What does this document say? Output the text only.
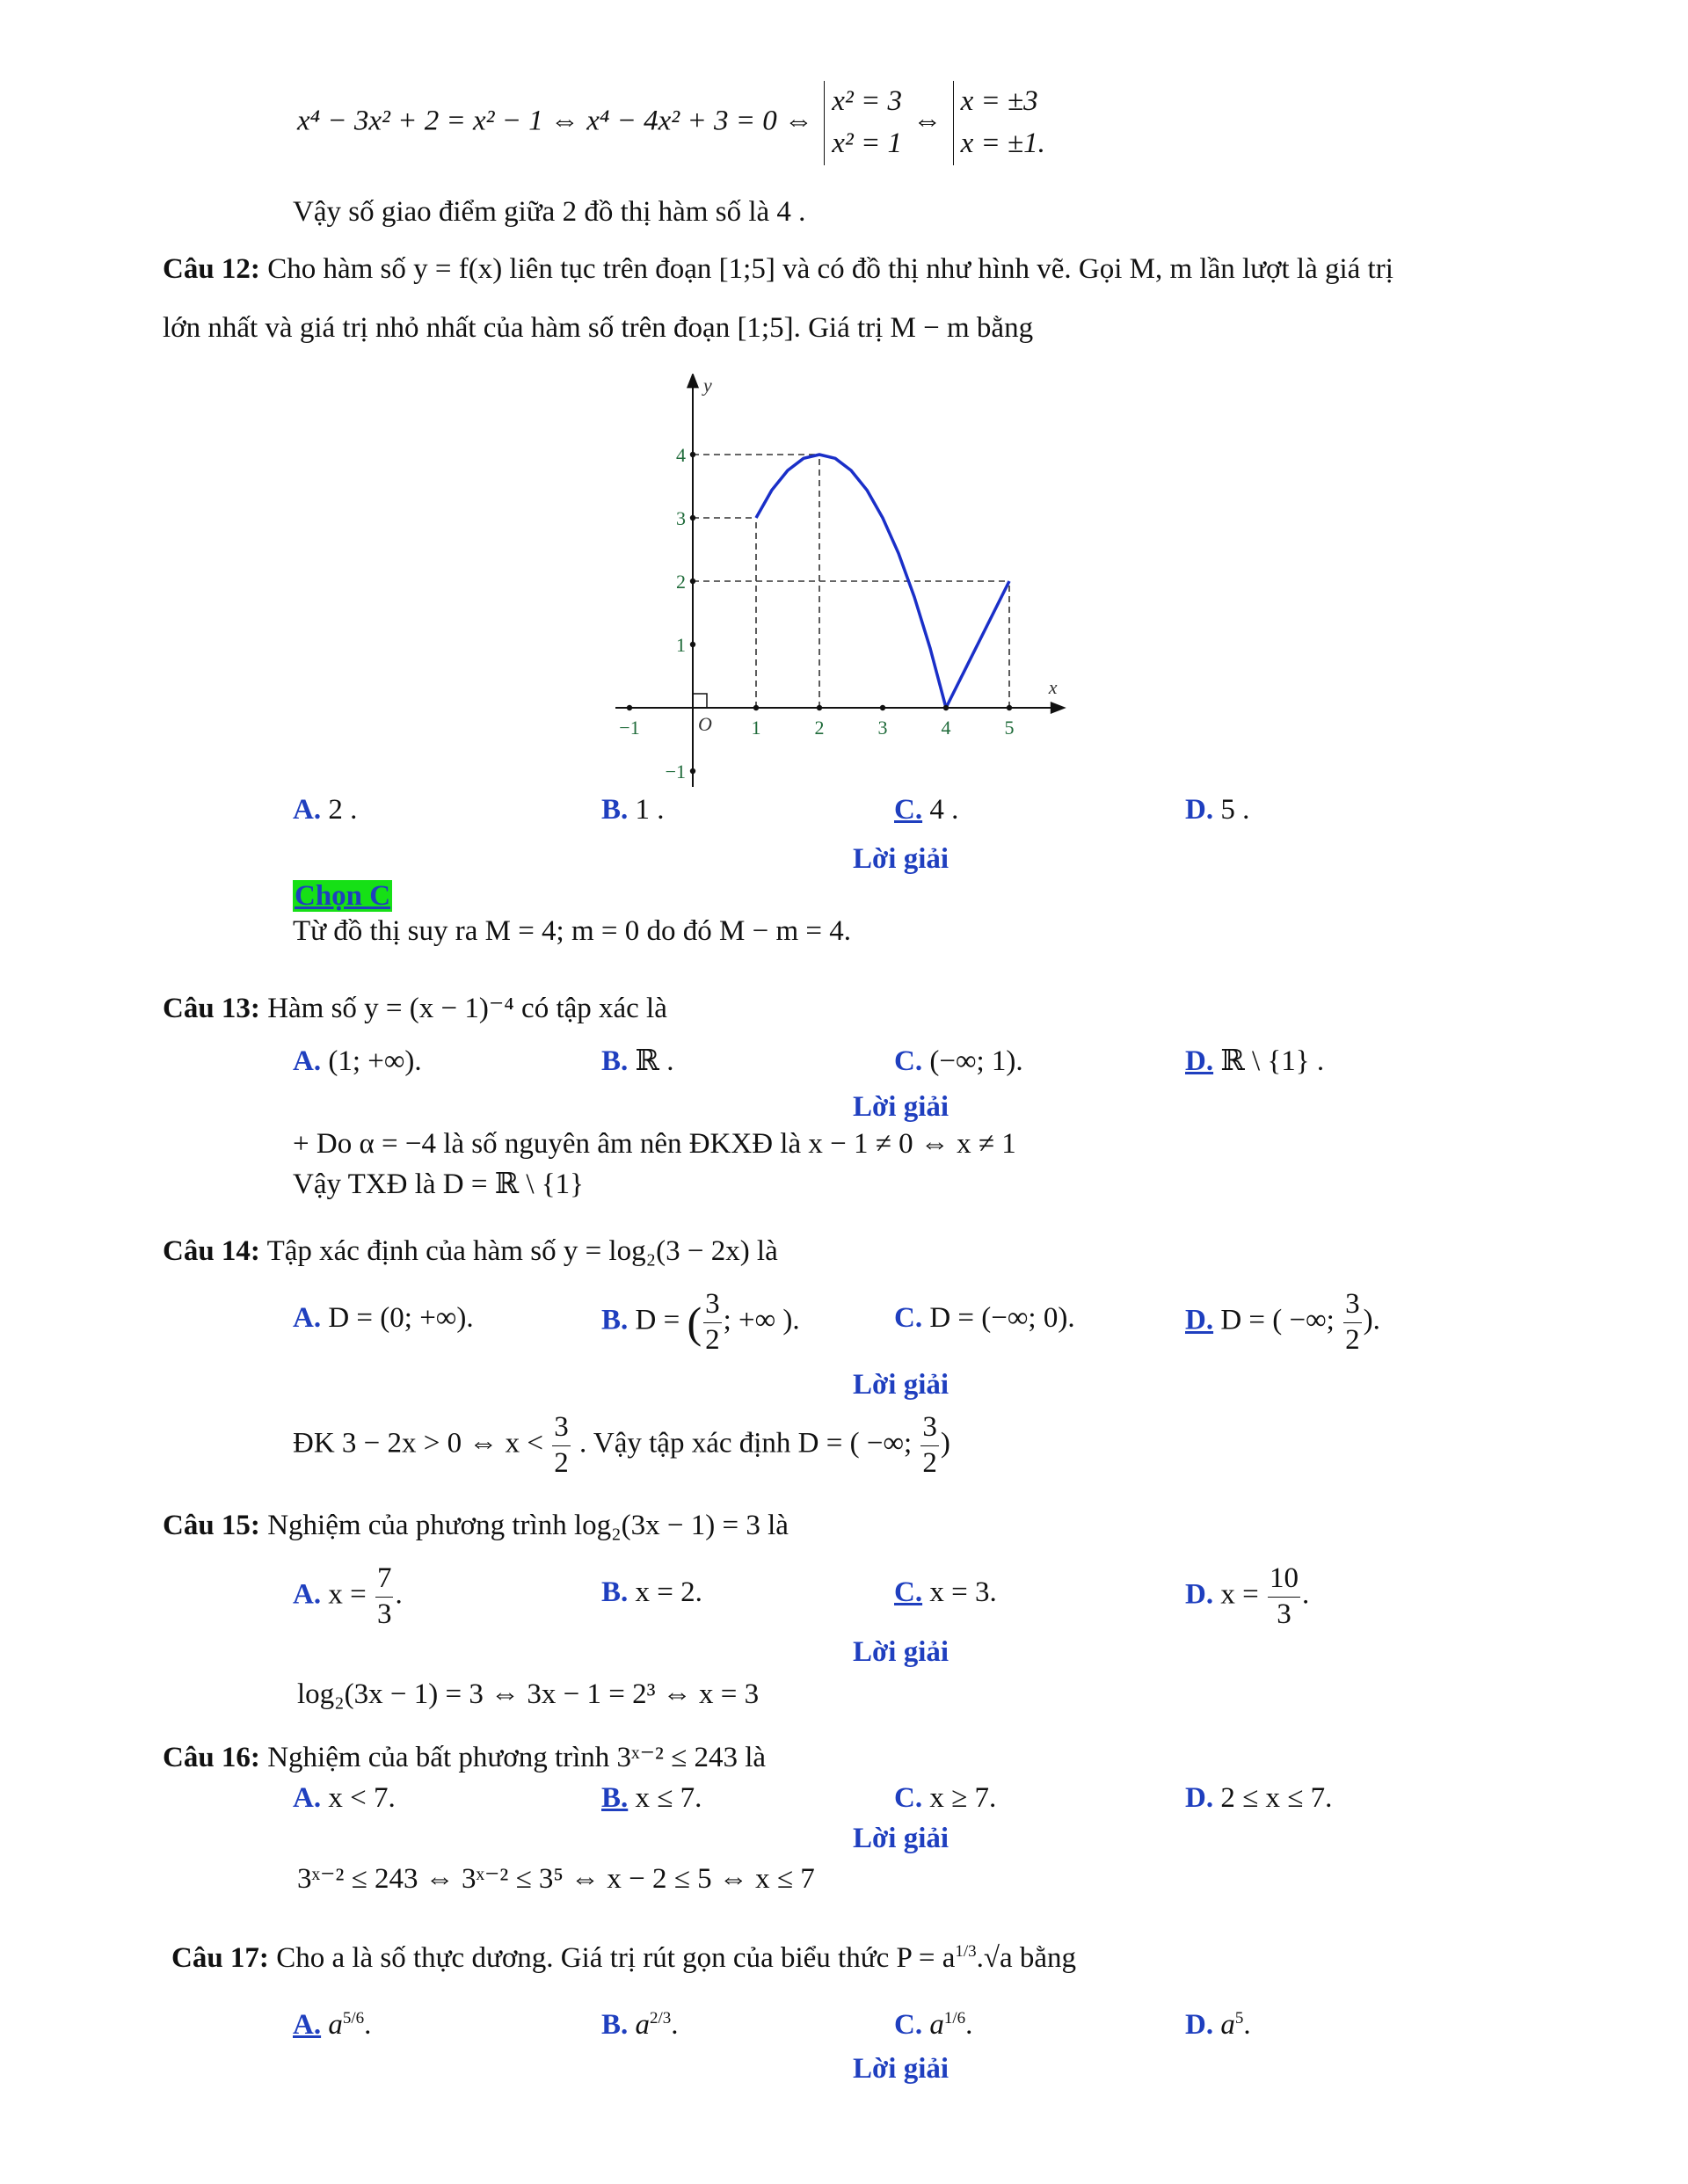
x⁴ − 3x² + 2 = x² − 1 ⇔ x⁴ − 4x² + 3 = 0 ⇔
x² = 3
x² = 1
⇔
x = ±3
x = ±1.
Vậy số giao điểm giữa 2 đồ thị hàm số là 4 .
Câu 12: Cho hàm số y = f(x) liên tục trên đoạn [1;5] và có đồ thị như hình vẽ. Gọi M, m lần lượt là giá trị
lớn nhất và giá trị nhỏ nhất của hàm số trên đoạn [1;5]. Giá trị M − m bằng
x
y
O
−1	1	2	3	4	5
−1
1
2
3
4
A. 2 .	B. 1 .	C. 4 .	D. 5 .
Lời giải
Chọn C
Từ đồ thị suy ra M = 4; m = 0 do đó M − m = 4.
Câu 13: Hàm số y = (x − 1)⁻⁴ có tập xác là
A. (1; +∞).	B. ℝ .	C. (−∞; 1).	D. ℝ \ {1} .
Lời giải
+ Do α = −4 là số nguyên âm nên ĐKXĐ là x − 1 ≠ 0 ⇔ x ≠ 1
Vậy TXĐ là D = ℝ \ {1}
Câu 14: Tập xác định của hàm số y = log₂(3 − 2x) là
A. D = (0; +∞).	B. D = ( $\frac{3}{2}$ ; +∞ ).	C. D = (−∞; 0).	D. D = ( −∞; $\frac{3}{2}$ ).
Lời giải
ĐK 3 − 2x > 0 ⇔ $x < \frac{3}{2}$ . Vậy tập xác định D = ( −∞; $\frac{3}{2}$ )
Câu 15: Nghiệm của phương trình log₂(3x − 1) = 3 là
A. $x = \frac{7}{3}$ .	B. x = 2.	C. x = 3.	D. $x = \frac{10}{3}$ .
Lời giải
log₂(3x − 1) = 3 ⇔ 3x − 1 = 2³ ⇔ x = 3
Câu 16: Nghiệm của bất phương trình 3ˣ⁻² ≤ 243 là
A. x < 7.	B. x ≤ 7.	C. x ≥ 7.	D. 2 ≤ x ≤ 7.
Lời giải
3ˣ⁻² ≤ 243 ⇔ 3ˣ⁻² ≤ 3⁵ ⇔ x − 2 ≤ 5 ⇔ x ≤ 7
Câu 17: Cho a là số thực dương. Giá trị rút gọn của biểu thức $P = a^{1/3}.√a$ bằng
A. $a^{5/6}$.	B. $a^{2/3}$.	C. $a^{1/6}$.	D. $a^5$.
Lời giải
